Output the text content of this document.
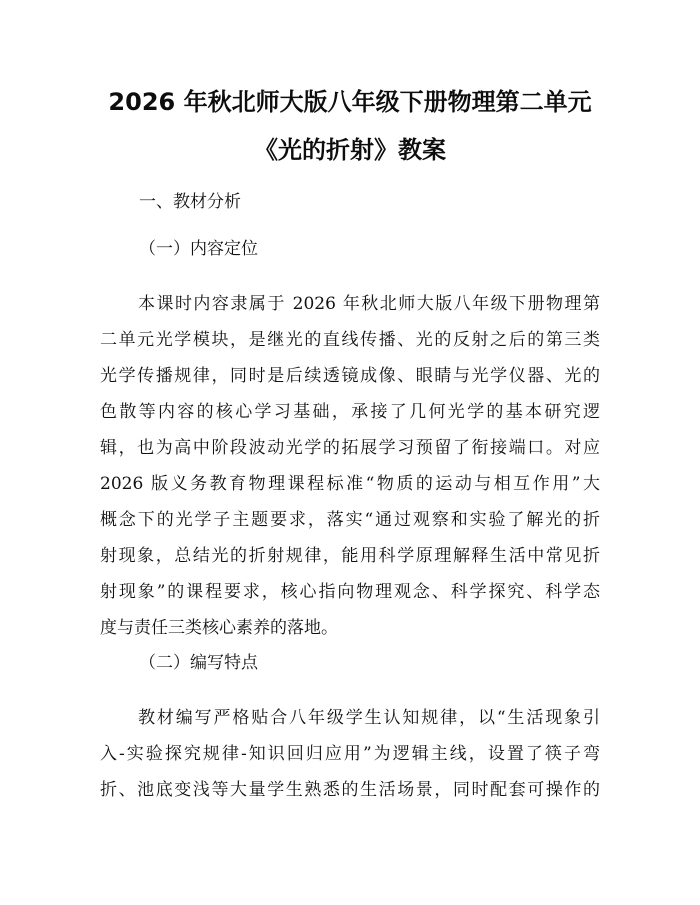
2026 年秋北师大版八年级下册物理第二单元
《光的折射》教案
一、教材分析
（一）内容定位
本课时内容隶属于 2026 年秋北师大版八年级下册物理第
二单元光学模块，是继光的直线传播、光的反射之后的第三类
光学传播规律，同时是后续透镜成像、眼睛与光学仪器、光的
色散等内容的核心学习基础，承接了几何光学的基本研究逻
辑，也为高中阶段波动光学的拓展学习预留了衔接端口。对应
2026 版义务教育物理课程标准“物质的运动与相互作用”大
概念下的光学子主题要求，落实“通过观察和实验了解光的折
射现象，总结光的折射规律，能用科学原理解释生活中常见折
射现象”的课程要求，核心指向物理观念、科学探究、科学态
度与责任三类核心素养的落地。
（二）编写特点
教材编写严格贴合八年级学生认知规律，以“生活现象引
入-实验探究规律-知识回归应用”为逻辑主线，设置了筷子弯
折、池底变浅等大量学生熟悉的生活场景，同时配套可操作的
